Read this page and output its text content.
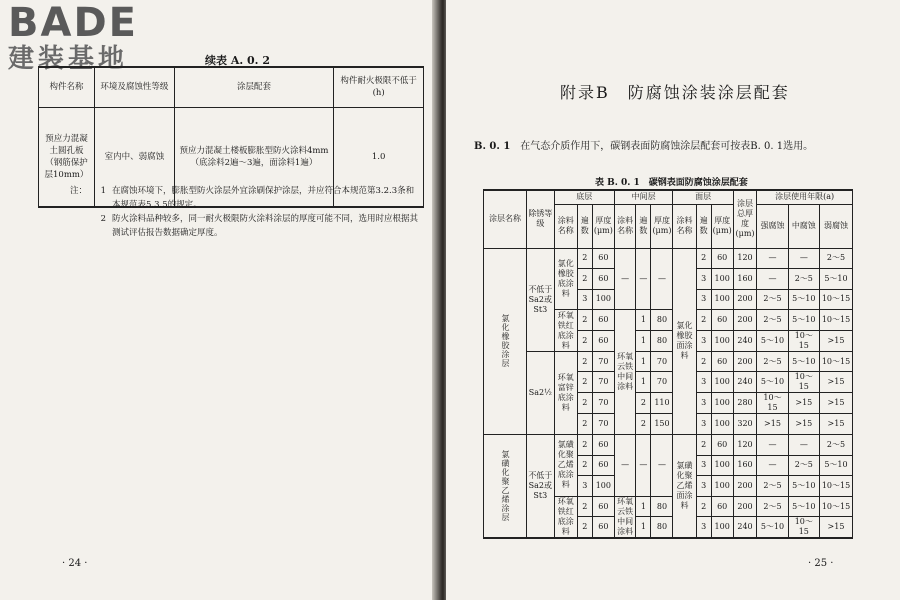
BADE
建装基地	续表 A. 0. 2
构件名称	环境及腐蚀性等级	涂层配套	构件耐火极限不低于(h)
预应力混凝土圆孔板（钢筋保护层10mm）	室内中、弱腐蚀	预应力混凝土楼板膨胀型防火涂料4mm（底涂料2遍～3遍，面涂料1遍）	1.0
注：	1 在腐蚀环境下，膨胀型防火涂层外宜涂刷保护涂层，并应符合本规范第3.2.3条和本规范表5.3.5的规定。
2 防火涂料品种较多，同一耐火极限防火涂料涂层的厚度可能不同，选用时应根据其测试评估报告数据确定厚度。
· 24 ·
附录B　防腐蚀涂装涂层配套
B. 0. 1 在气态介质作用下，碳钢表面防腐蚀涂层配套可按表B. 0. 1选用。
表 B. 0. 1　碳钢表面防腐蚀涂层配套
涂层名称	除锈等级	底层			中间层			面层			涂层总厚度(μm)	涂层使用年限(a)		
		涂料名称	遍数	厚度(μm)	涂料名称	遍数	厚度(μm)	涂料名称	遍数	厚度(μm)		强腐蚀	中腐蚀	弱腐蚀

氯化橡胶涂层	不低于Sa2或St3	氯化橡胶底涂料	2	60	—	—	—	氯化橡胶面涂料	2	60	120	—	—	2～5
			2	60					3	100	160	—	2～5	5～10
			3	100					3	100	200	2～5	5～10	10～15
		环氧铁红底涂料	2	60	环氧云铁中间涂料	1	80		2	60	200	2～5	5～10	10～15
			2	60		1	80		3	100	240	5～10	10～15	>15
	Sa2½	环氧富锌底涂料	2	70		1	70		2	60	200	2～5	5～10	10～15
			2	70		1	70		3	100	240	5～10	10～15	>15
			2	70		2	110		3	100	280	10～15	>15	>15
			2	70		2	150		3	100	320	>15	>15	>15

氯磺化聚乙烯涂层	不低于Sa2或St3	氯磺化聚乙烯底涂料	2	60	—	—	—	氯磺化聚乙烯面涂料	2	60	120	—	—	2～5
			2	60					3	100	160	—	2～5	5～10
			3	100					3	100	200	2～5	5～10	10～15
		环氧铁红底涂料	2	60	环氧云铁中间涂料	1	80		2	60	200	2～5	5～10	10～15
			2	60		1	80		3	100	240	5～10	10～15	>15
· 25 ·
